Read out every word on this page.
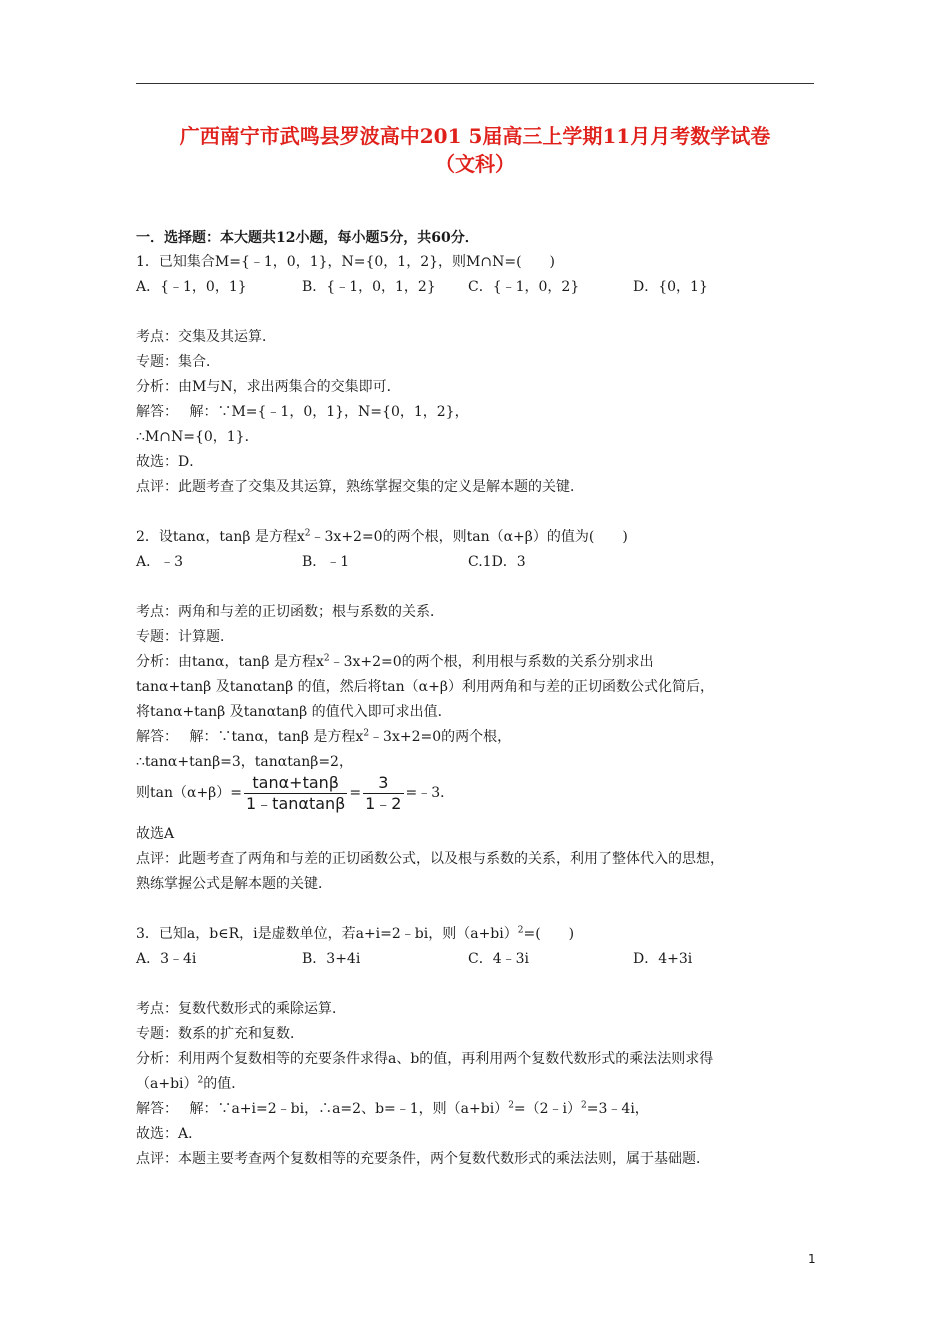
广西南宁市武鸣县罗波高中201 5届高三上学期11月月考数学试卷
（文科）
一．选择题：本大题共12小题，每小题5分，共60分．
1．已知集合M={﹣1，0，1}，N={0，1，2}，则M∩N=(　　)
A．{﹣1，0，1}	B．{﹣1，0，1，2} C．{﹣1，0，2}	D．{0，1}
考点：交集及其运算．
专题：集合．
分析：由M与N，求出两集合的交集即可．
解答：　 解：∵M={﹣1，0，1}，N={0，1，2}，
∴M∩N={0，1}．
故选：D．
点评：此题考查了交集及其运算，熟练掌握交集的定义是解本题的关键．
2．设tanα，tanβ 是方程$x^2﹣3x+2=0$的两个根，则tan（α+β）的值为(　　)
A．﹣3	B．﹣1	C.1D．3
考点：两角和与差的正切函数；根与系数的关系．
专题：计算题．
分析：由tanα，tanβ 是方程$x^2﹣3x+2=0$的两个根，利用根与系数的关系分别求出
tanα+tanβ 及tanαtanβ 的值，然后将tan（α+β）利用两角和与差的正切函数公式化简后，
将tanα+tanβ 及tanαtanβ 的值代入即可求出值．
解答：　 解：∵tanα，tanβ 是方程$x^2﹣3x+2=0$的两个根，
∴tanα+tanβ=3，tanαtanβ=2，
则$\tan(\alpha+\beta)= \frac{\tan\alpha+\tan\beta}{1﹣\tan\alpha\tan\beta} = \frac{3}{1﹣2}$ =﹣3．
故选A
点评：此题考查了两角和与差的正切函数公式，以及根与系数的关系，利用了整体代入的思想，
熟练掌握公式是解本题的关键．
3．已知a，b∈R，i是虚数单位，若a+i=2﹣bi，则$(a+bi)^2=$(　　)
A．3﹣4i	B．3+4i	C．4﹣3i	D．4+3i
考点：复数代数形式的乘除运算．
专题：数系的扩充和复数．
分析：利用两个复数相等的充要条件求得a、b的值，再利用两个复数代数形式的乘法法则求得
$(a+bi)^2$的值．
解答：　 解：∵a+i=2﹣bi，∴a=2、b=﹣1，则$(a+bi)^2=(2﹣i)^2=3﹣4i$，
故选：A．
点评：本题主要考查两个复数相等的充要条件，两个复数代数形式的乘法法则，属于基础题．
1
